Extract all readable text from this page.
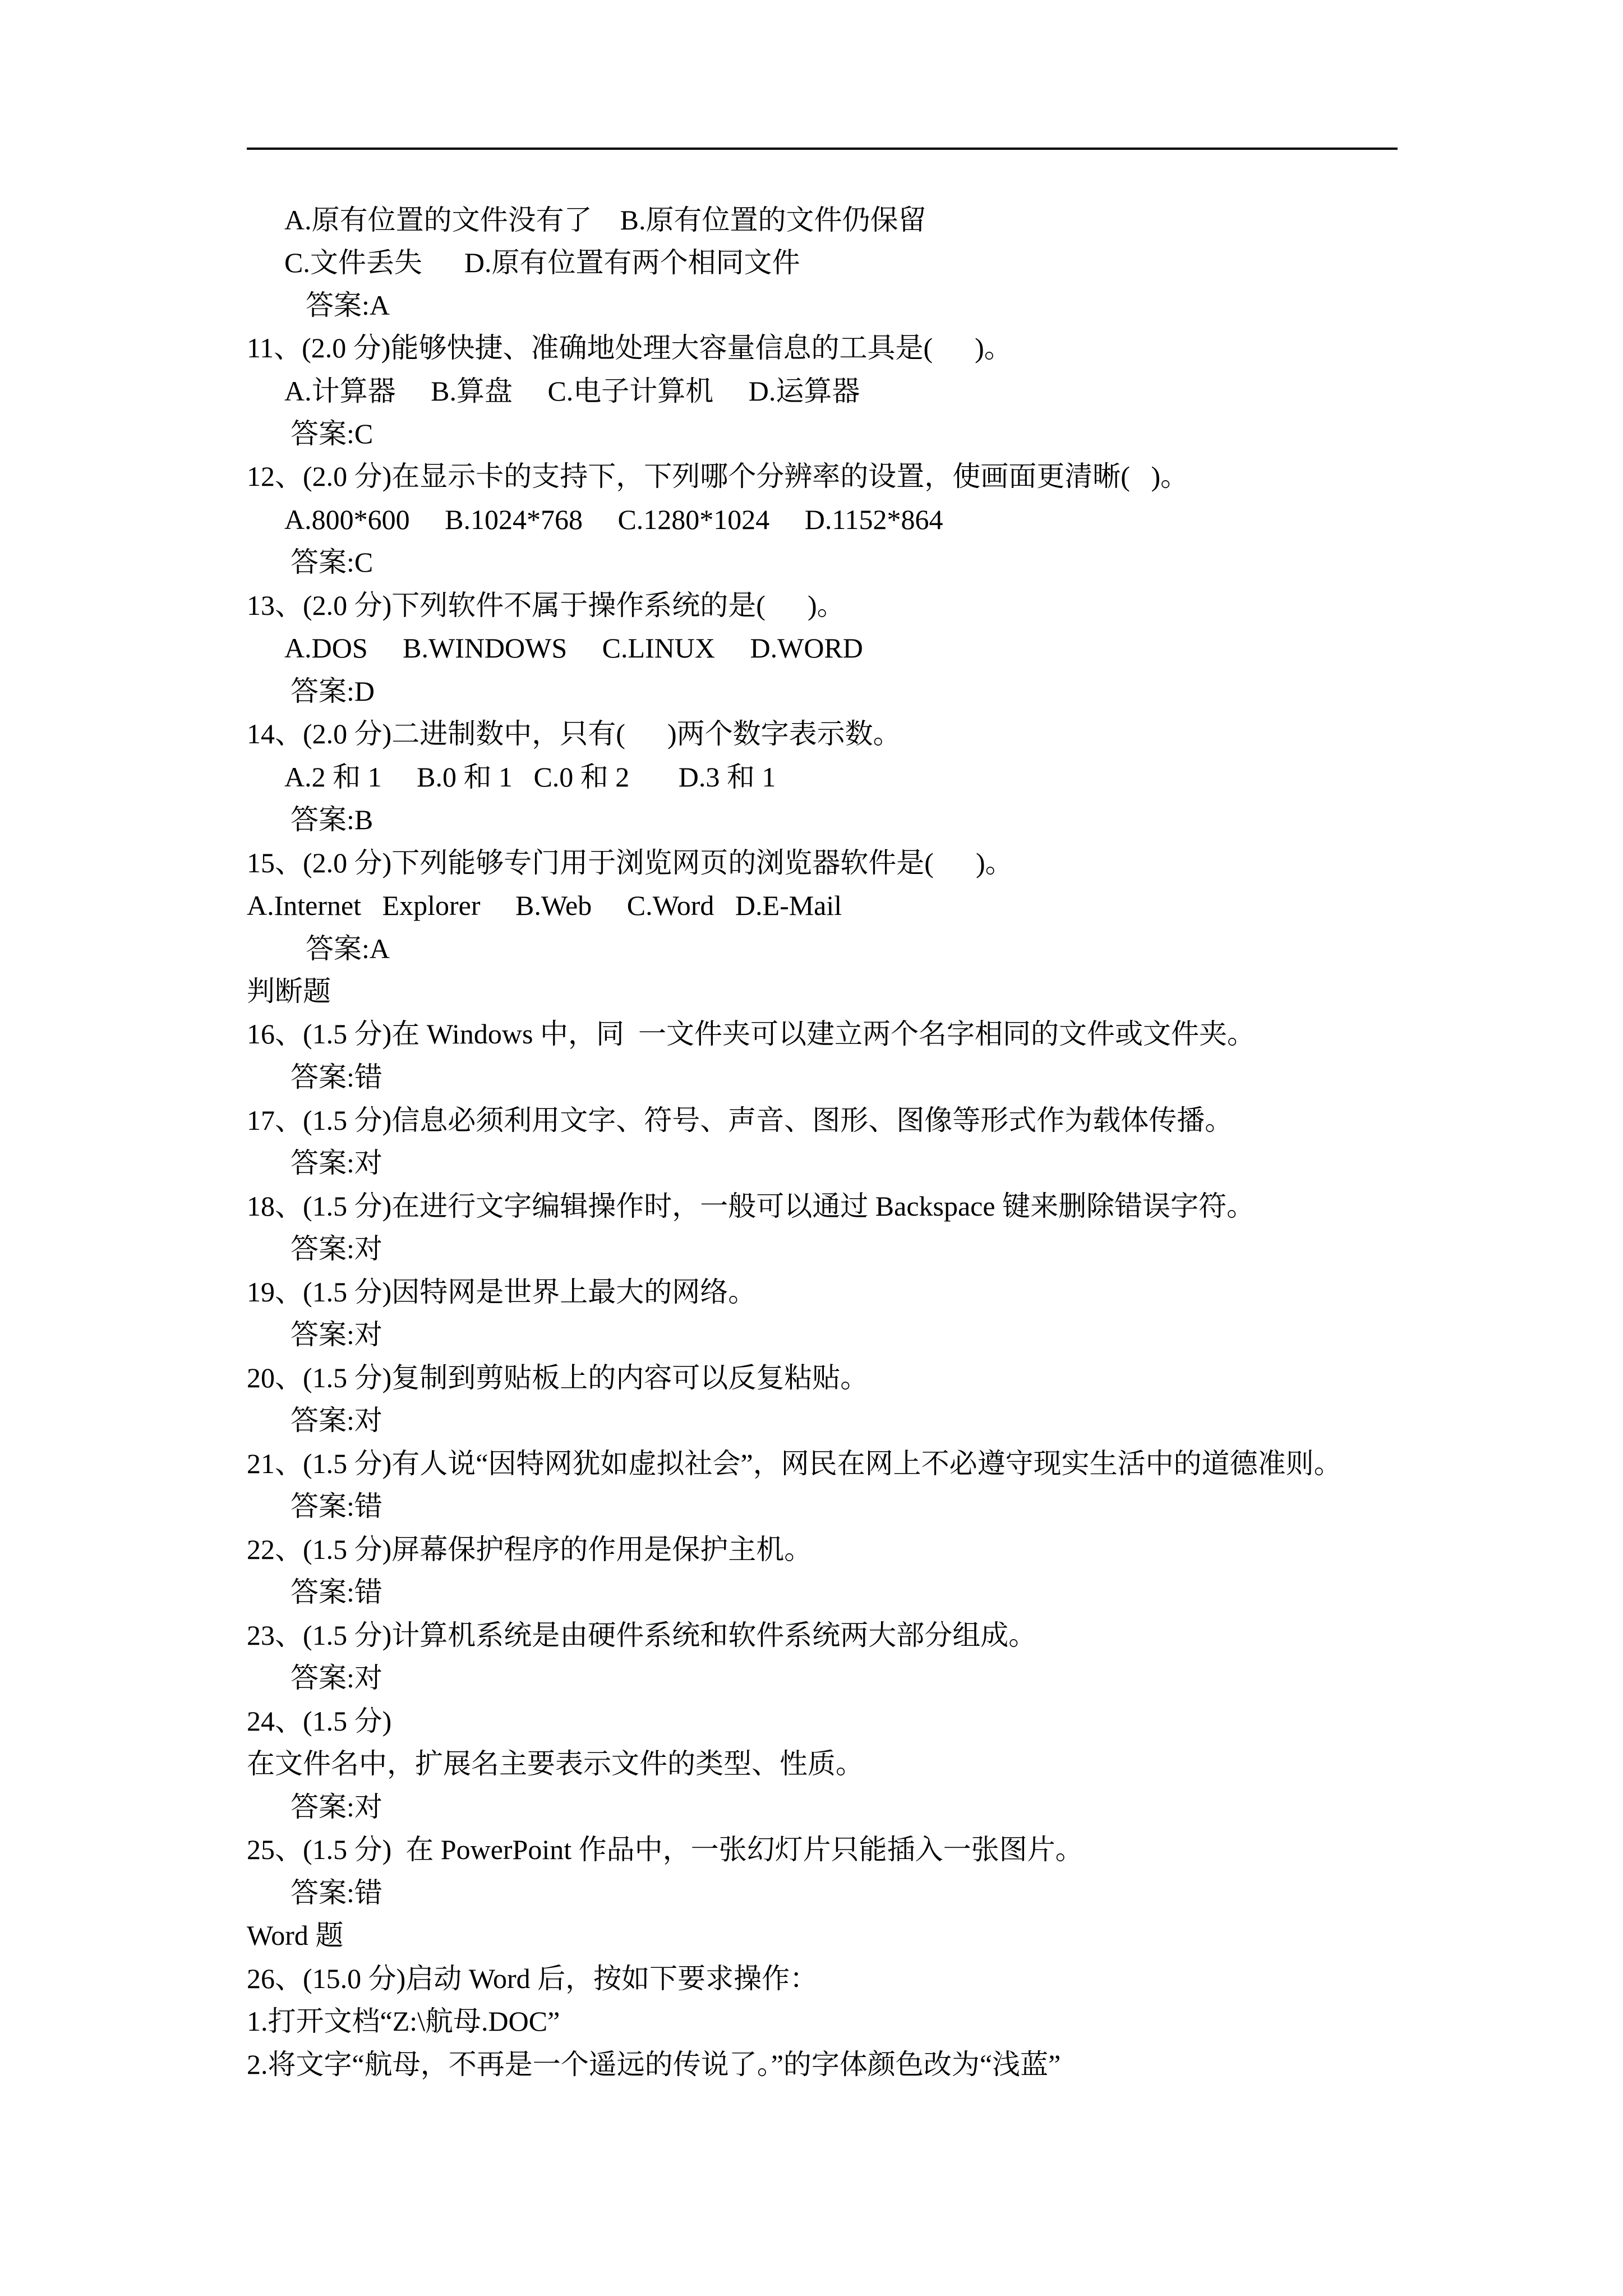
A.原有位置的文件没有了    B.原有位置的文件仍保留
C.文件丢失      D.原有位置有两个相同文件
答案:A
11、(2.0 分)能够快捷、准确地处理大容量信息的工具是(      )。
A.计算器     B.算盘     C.电子计算机     D.运算器
答案:C
12、(2.0 分)在显示卡的支持下，下列哪个分辨率的设置，使画面更清晰(   )。
A.800*600     B.1024*768     C.1280*1024     D.1152*864
答案:C
13、(2.0 分)下列软件不属于操作系统的是(      )。
A.DOS     B.WINDOWS     C.LINUX     D.WORD
答案:D
14、(2.0 分)二进制数中，只有(      )两个数字表示数。
A.2 和 1     B.0 和 1   C.0 和 2       D.3 和 1
答案:B
15、(2.0 分)下列能够专门用于浏览网页的浏览器软件是(      )。
A.Internet   Explorer     B.Web     C.Word   D.E-Mail
答案:A
判断题
16、(1.5 分)在 Windows 中，同  一文件夹可以建立两个名字相同的文件或文件夹。
答案:错
17、(1.5 分)信息必须利用文字、符号、声音、图形、图像等形式作为载体传播。
答案:对
18、(1.5 分)在进行文字编辑操作时，一般可以通过 Backspace 键来删除错误字符。
答案:对
19、(1.5 分)因特网是世界上最大的网络。
答案:对
20、(1.5 分)复制到剪贴板上的内容可以反复粘贴。
答案:对
21、(1.5 分)有人说“因特网犹如虚拟社会”，网民在网上不必遵守现实生活中的道德准则。
答案:错
22、(1.5 分)屏幕保护程序的作用是保护主机。
答案:错
23、(1.5 分)计算机系统是由硬件系统和软件系统两大部分组成。
答案:对
24、(1.5 分)
在文件名中，扩展名主要表示文件的类型、性质。
答案:对
25、(1.5 分)  在 PowerPoint 作品中，一张幻灯片只能插入一张图片。
答案:错
Word 题
26、(15.0 分)启动 Word 后，按如下要求操作：
1.打开文档“Z:\航母.DOC”
2.将文字“航母，不再是一个遥远的传说了。”的字体颜色改为“浅蓝”
